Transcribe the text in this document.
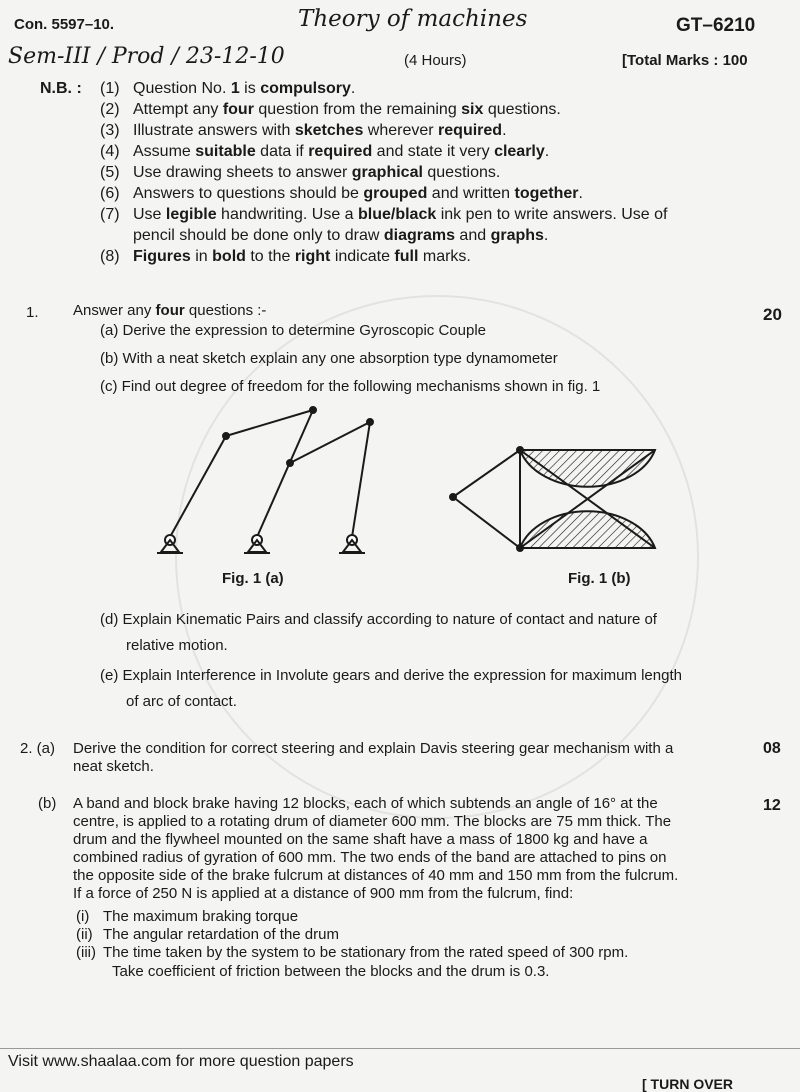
Con. 5597–10.	Theory of machines	GT–6210
Sem-III / Prod / 23-12-10	(4 Hours)	[Total Marks : 100
N.B. : (1) Question No. 1 is compulsory.
(2) Attempt any four question from the remaining six questions.
(3) Illustrate answers with sketches wherever required.
(4) Assume suitable data if required and state it very clearly.
(5) Use drawing sheets to answer graphical questions.
(6) Answers to questions should be grouped and written together.
(7) Use legible handwriting. Use a blue/black ink pen to write answers. Use of
pencil should be done only to draw diagrams and graphs.
(8) Figures in bold to the right indicate full marks.
1. Answer any four questions :-	20
(a) Derive the expression to determine Gyroscopic Couple
(b) With a neat sketch explain any one absorption type dynamometer
(c) Find out degree of freedom for the following mechanisms shown in fig. 1
Fig. 1 (a)	Fig. 1 (b)
(d) Explain Kinematic Pairs and classify according to nature of contact and nature of
relative motion.
(e) Explain Interference in Involute gears and derive the expression for maximum length
of arc of contact.
2. (a) Derive the condition for correct steering and explain Davis steering gear mechanism with a
neat sketch.
08
(b)	12
A band and block brake having 12 blocks, each of which subtends an angle of 16° at the
centre, is applied to a rotating drum of diameter 600 mm. The blocks are 75 mm thick. The
drum and the flywheel mounted on the same shaft have a mass of 1800 kg and have a
combined radius of gyration of 600 mm. The two ends of the band are attached to pins on
the opposite side of the brake fulcrum at distances of 40 mm and 150 mm from the fulcrum.
If a force of 250 N is applied at a distance of 900 mm from the fulcrum, find:
(i) The maximum braking torque
(ii) The angular retardation of the drum
(iii) The time taken by the system to be stationary from the rated speed of 300 rpm.
Take coefficient of friction between the blocks and the drum is 0.3.
Visit www.shaalaa.com for more question papers
[ TURN OVER
